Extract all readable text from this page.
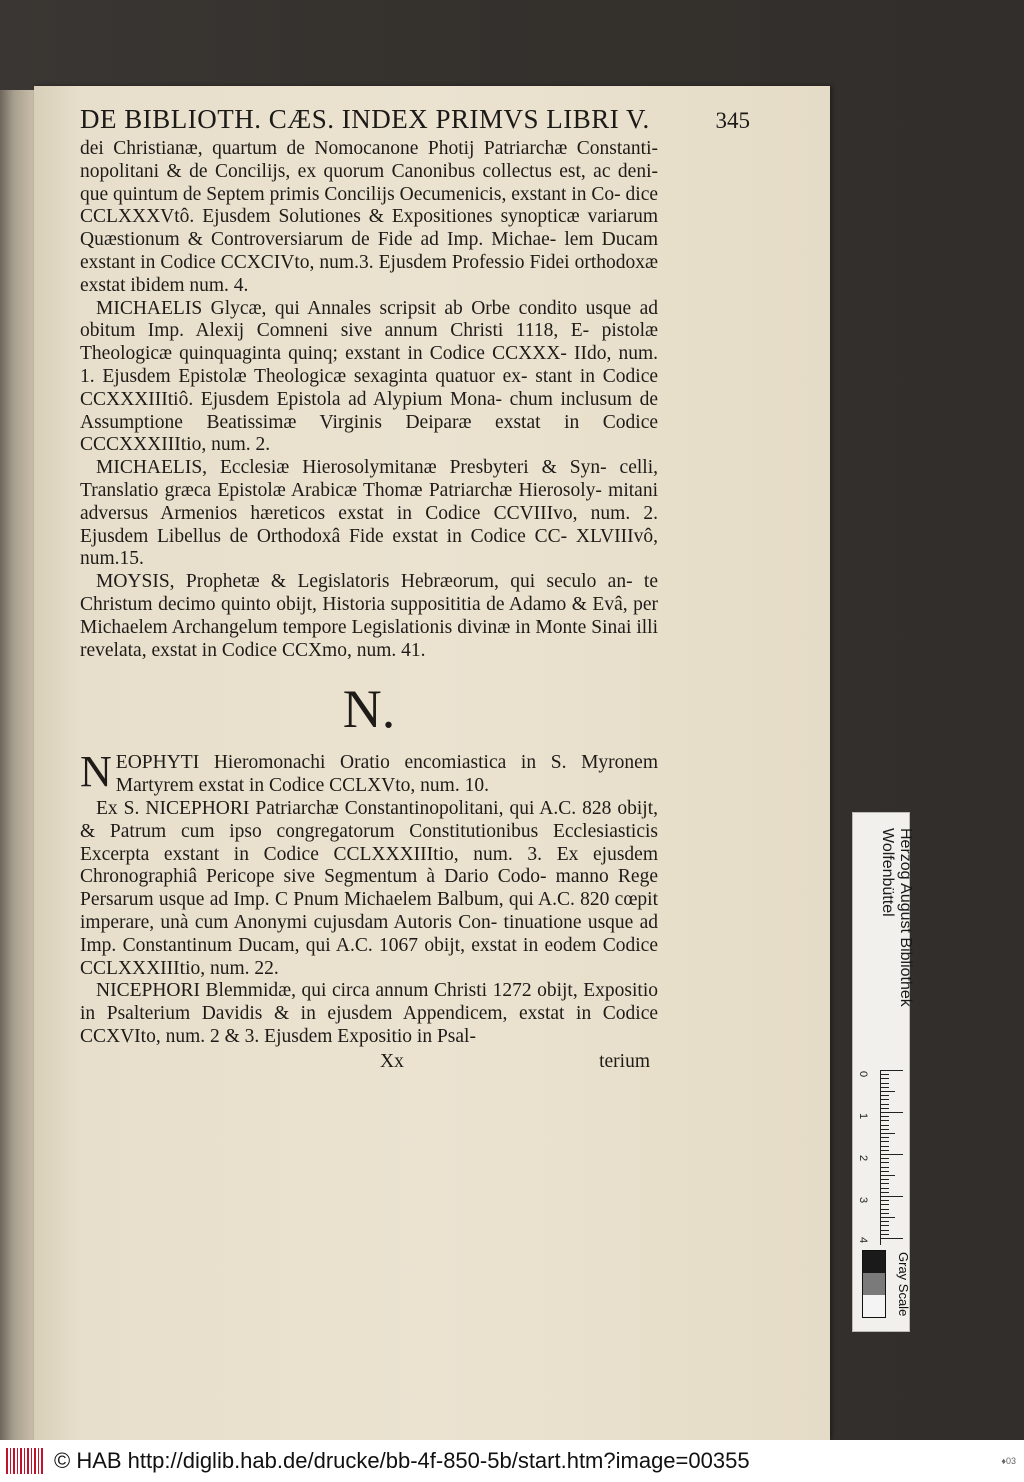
DE BIBLIOTH. CÆS. INDEX PRIMVS LIBRI V.	345

dei Christianæ, quartum de Nomocanone Photij Patriarchæ Constanti- nopolitani & de Concilijs, ex quorum Canonibus collectus est, ac deni- que quintum de Septem primis Concilijs Oecumenicis, exstant in Co- dice CCLXXXVtô. Ejusdem Solutiones & Expositiones synopticæ variarum Quæstionum & Controversiarum de Fide ad Imp. Michae- lem Ducam exstant in Codice CCXCIVto, num.3. Ejusdem Professio Fidei orthodoxæ exstat ibidem num. 4.

MICHAELIS Glycæ, qui Annales scripsit ab Orbe condito usque ad obitum Imp. Alexij Comneni sive annum Christi 1118, E- pistolæ Theologicæ quinquaginta quinq; exstant in Codice CCXXX- IIdo, num. 1. Ejusdem Epistolæ Theologicæ sexaginta quatuor ex- stant in Codice CCXXXIIItiô. Ejusdem Epistola ad Alypium Mona- chum inclusum de Assumptione Beatissimæ Virginis Deiparæ exstat in Codice CCCXXXIIItio, num. 2.

MICHAELIS, Ecclesiæ Hierosolymitanæ Presbyteri & Syn- celli, Translatio græca Epistolæ Arabicæ Thomæ Patriarchæ Hierosoly- mitani adversus Armenios hæreticos exstat in Codice CCVIIIvo, num. 2. Ejusdem Libellus de Orthodoxâ Fide exstat in Codice CC- XLVIIIvô, num.15.

MOYSIS, Prophetæ & Legislatoris Hebræorum, qui seculo an- te Christum decimo quinto obijt, Historia supposititia de Adamo & Evâ, per Michaelem Archangelum tempore Legislationis divinæ in Monte Sinai illi revelata, exstat in Codice CCXmo, num. 41.

N.

NEOPHYTI Hieromonachi Oratio encomiastica in S. Myronem Martyrem exstat in Codice CCLXVto, num. 10.

Ex S. NICEPHORI Patriarchæ Constantinopolitani, qui A.C. 828 obijt, & Patrum cum ipso congregatorum Constitutionibus Ecclesiasticis Excerpta exstant in Codice CCLXXXIIItio, num. 3. Ex ejusdem Chronographiâ Pericope sive Segmentum à Dario Codo- manno Rege Persarum usque ad Imp. C Pnum Michaelem Balbum, qui A.C. 820 cœpit imperare, unà cum Anonymi cujusdam Autoris Con- tinuatione usque ad Imp. Constantinum Ducam, qui A.C. 1067 obijt, exstat in eodem Codice CCLXXXIIItio, num. 22.

NICEPHORI Blemmidæ, qui circa annum Christi 1272 obijt, Expositio in Psalterium Davidis & in ejusdem Appendicem, exstat in Codice CCXVIto, num. 2 & 3. Ejusdem Expositio in Psal-

Xx	terium
Herzog August Bibliothek
Wolfenbüttel
0
1
2
3
4
Gray Scale
© HAB http://diglib.hab.de/drucke/bb-4f-850-5b/start.htm?image=00355	♦03
